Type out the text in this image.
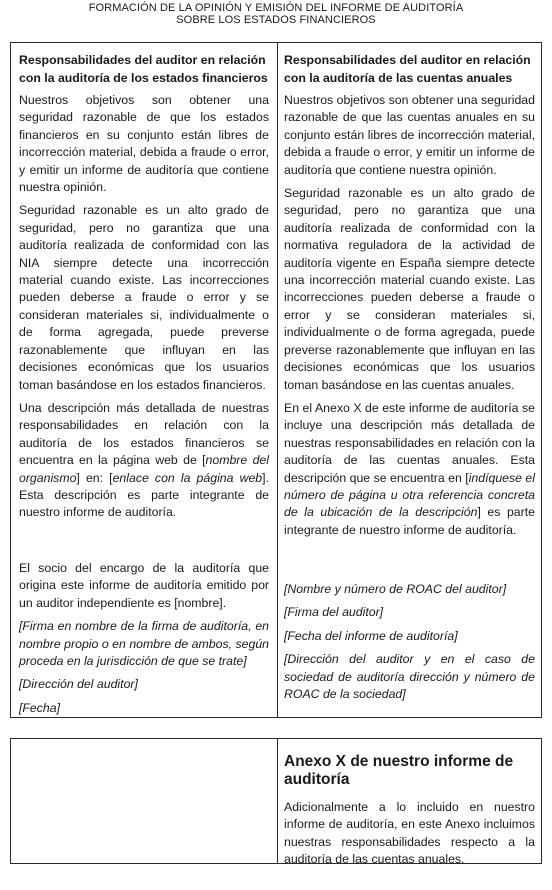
FORMACIÓN DE LA OPINIÓN Y EMISIÓN DEL INFORME DE AUDITORÍA
SOBRE LOS ESTADOS FINANCIEROS
Responsabilidades del auditor en relación con la auditoría de los estados financieros

Nuestros objetivos son obtener una seguridad razonable de que los estados financieros en su conjunto están libres de incorrección material, debida a fraude o error, y emitir un informe de auditoría que contiene nuestra opinión.

Seguridad razonable es un alto grado de seguridad, pero no garantiza que una auditoría realizada de conformidad con las NIA siempre detecte una incorrección material cuando existe. Las incorrecciones pueden deberse a fraude o error y se consideran materiales si, individualmente o de forma agregada, puede preverse razonablemente que influyan en las decisiones económicas que los usuarios toman basándose en los estados financieros.

Una descripción más detallada de nuestras responsabilidades en relación con la auditoría de los estados financieros se encuentra en la página web de [nombre del organismo] en: [enlace con la página web]. Esta descripción es parte integrante de nuestro informe de auditoría.

El socio del encargo de la auditoría que origina este informe de auditoría emitido por un auditor independiente es [nombre].

[Firma en nombre de la firma de auditoría, en nombre propio o en nombre de ambos, según proceda en la jurisdicción de que se trate]

[Dirección del auditor]

[Fecha]

Responsabilidades del auditor en relación con la auditoría de las cuentas anuales

Nuestros objetivos son obtener una seguridad razonable de que las cuentas anuales en su conjunto están libres de incorrección material, debida a fraude o error, y emitir un informe de auditoría que contiene nuestra opinión.

Seguridad razonable es un alto grado de seguridad, pero no garantiza que una auditoría realizada de conformidad con la normativa reguladora de la actividad de auditoría vigente en España siempre detecte una incorrección material cuando existe. Las incorrecciones pueden deberse a fraude o error y se consideran materiales si, individualmente o de forma agregada, puede preverse razonablemente que influyan en las decisiones económicas que los usuarios toman basándose en las cuentas anuales.

En el Anexo X de este informe de auditoría se incluye una descripción más detallada de nuestras responsabilidades en relación con la auditoría de las cuentas anuales. Esta descripción que se encuentra en [indíquese el número de página u otra referencia concreta de la ubicación de la descripción] es parte integrante de nuestro informe de auditoría.

[Nombre y número de ROAC del auditor]

[Firma del auditor]

[Fecha del informe de auditoría]

[Dirección del auditor y en el caso de sociedad de auditoría dirección y número de ROAC de la sociedad]

Anexo X de nuestro informe de auditoría

Adicionalmente a lo incluido en nuestro informe de auditoría, en este Anexo incluimos nuestras responsabilidades respecto a la auditoría de las cuentas anuales.
